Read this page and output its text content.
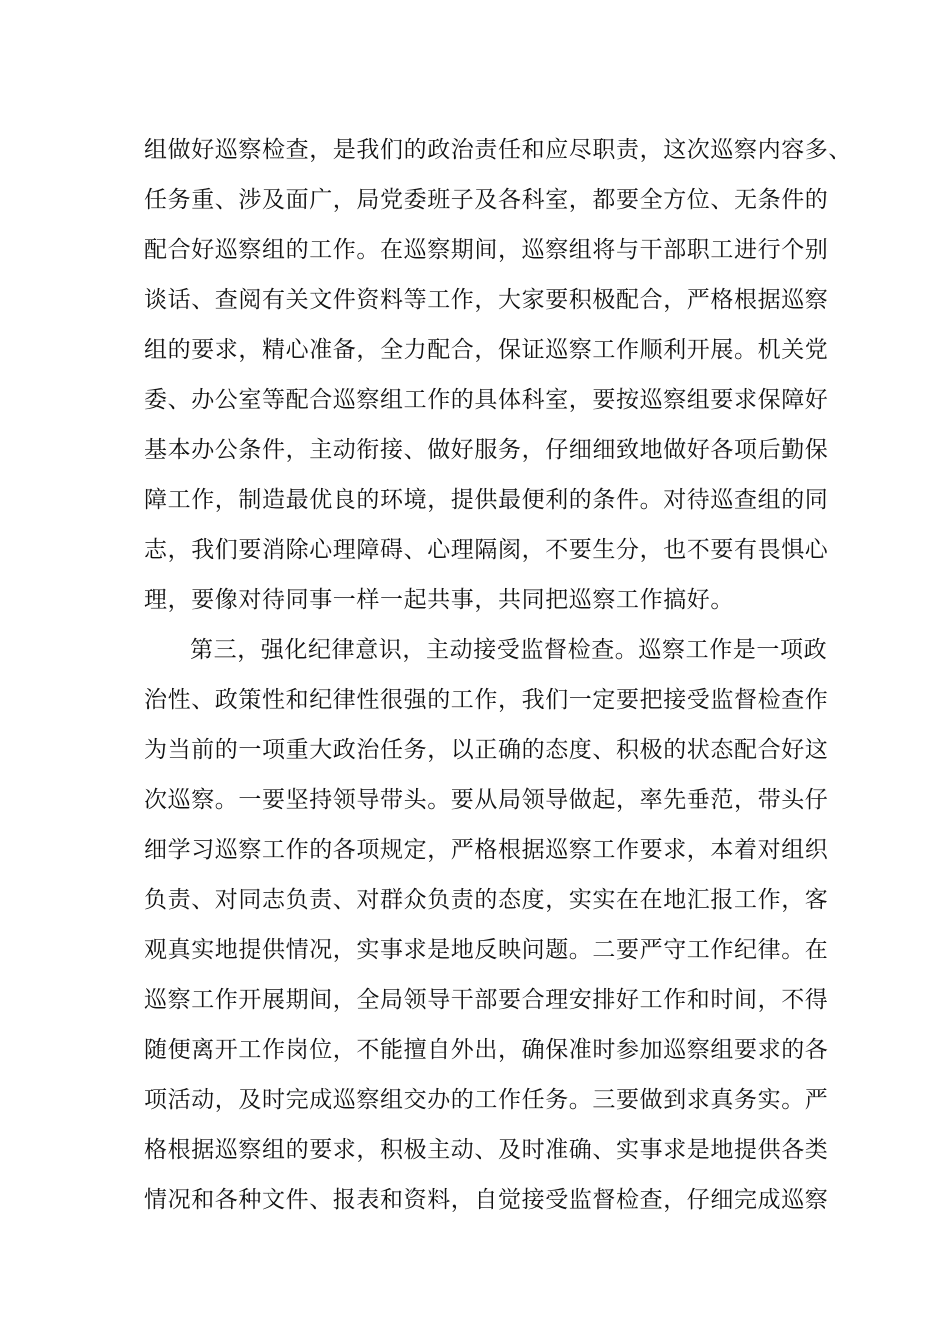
组做好巡察检查，是我们的政治责任和应尽职责，这次巡察内容多、
任务重、涉及面广，局党委班子及各科室，都要全方位、无条件的
配合好巡察组的工作。在巡察期间，巡察组将与干部职工进行个别
谈话、查阅有关文件资料等工作，大家要积极配合，严格根据巡察
组的要求，精心准备，全力配合，保证巡察工作顺利开展。机关党
委、办公室等配合巡察组工作的具体科室，要按巡察组要求保障好
基本办公条件，主动衔接、做好服务，仔细细致地做好各项后勤保
障工作，制造最优良的环境，提供最便利的条件。对待巡查组的同
志，我们要消除心理障碍、心理隔阂，不要生分，也不要有畏惧心
理，要像对待同事一样一起共事，共同把巡察工作搞好。
第三，强化纪律意识，主动接受监督检查。巡察工作是一项政
治性、政策性和纪律性很强的工作，我们一定要把接受监督检查作
为当前的一项重大政治任务，以正确的态度、积极的状态配合好这
次巡察。一要坚持领导带头。要从局领导做起，率先垂范，带头仔
细学习巡察工作的各项规定，严格根据巡察工作要求，本着对组织
负责、对同志负责、对群众负责的态度，实实在在地汇报工作，客
观真实地提供情况，实事求是地反映问题。二要严守工作纪律。在
巡察工作开展期间，全局领导干部要合理安排好工作和时间，不得
随便离开工作岗位，不能擅自外出，确保准时参加巡察组要求的各
项活动，及时完成巡察组交办的工作任务。三要做到求真务实。严
格根据巡察组的要求，积极主动、及时准确、实事求是地提供各类
情况和各种文件、报表和资料，自觉接受监督检查，仔细完成巡察
